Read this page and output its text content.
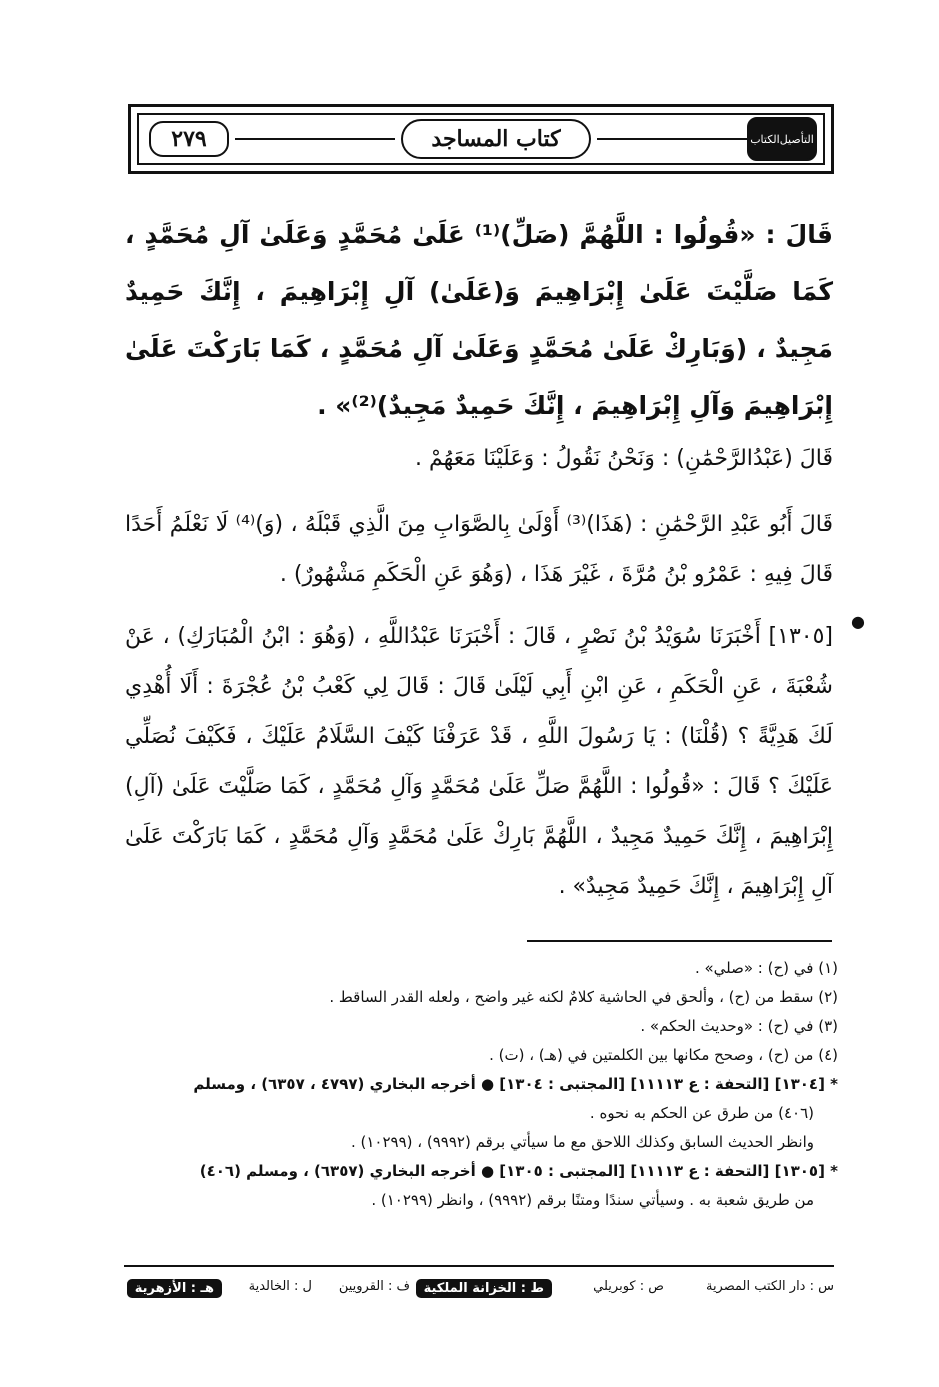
٢٧٩	كتاب المساجد	الكتاب التأصيل

قَالَ : «قُولُوا : اللَّهُمَّ (صَلِّ)⁽¹⁾ عَلَىٰ مُحَمَّدٍ وَعَلَىٰ آلِ مُحَمَّدٍ ، كَمَا صَلَّيْتَ عَلَىٰ إِبْرَاهِيمَ وَ(عَلَىٰ) آلِ إِبْرَاهِيمَ ، إِنَّكَ حَمِيدٌ مَجِيدٌ ، (وَبَارِكْ عَلَىٰ مُحَمَّدٍ وَعَلَىٰ آلِ مُحَمَّدٍ ، كَمَا بَارَكْتَ عَلَىٰ إِبْرَاهِيمَ وَآلِ إِبْرَاهِيمَ ، إِنَّكَ حَمِيدٌ مَجِيدٌ)⁽²⁾» .

قَالَ (عَبْدُالرَّحْمَٰنِ) : وَنَحْنُ نَقُولُ : وَعَلَيْنَا مَعَهُمْ .

قَالَ أَبُو عَبْدِ الرَّحْمَٰنِ : (هَذَا)⁽³⁾ أَوْلَىٰ بِالصَّوَابِ مِنَ الَّذِي قَبْلَهُ ، (وَ)⁽⁴⁾ لَا نَعْلَمُ أَحَدًا قَالَ فِيهِ : عَمْرُو بْنُ مُرَّةَ ، غَيْرَ هَذَا ، (وَهُوَ عَنِ الْحَكَمِ مَشْهُورٌ) .

●

[١٣٠٥] أَخْبَرَنَا سُوَيْدُ بْنُ نَصْرٍ ، قَالَ : أَخْبَرَنَا عَبْدُاللَّهِ ، (وَهُوَ : ابْنُ الْمُبَارَكِ) ، عَنْ شُعْبَةَ ، عَنِ الْحَكَمِ ، عَنِ ابْنِ أَبِي لَيْلَىٰ قَالَ : قَالَ لِي كَعْبُ بْنُ عُجْرَةَ : أَلَا أُهْدِي لَكَ هَدِيَّةً ؟ (قُلْنَا) : يَا رَسُولَ اللَّهِ ، قَدْ عَرَفْنَا كَيْفَ السَّلَامُ عَلَيْكَ ، فَكَيْفَ نُصَلِّي عَلَيْكَ ؟ قَالَ : «قُولُوا : اللَّهُمَّ صَلِّ عَلَىٰ مُحَمَّدٍ وَآلِ مُحَمَّدٍ ، كَمَا صَلَّيْتَ عَلَىٰ (آلِ) إِبْرَاهِيمَ ، إِنَّكَ حَمِيدٌ مَجِيدٌ ، اللَّهُمَّ بَارِكْ عَلَىٰ مُحَمَّدٍ وَآلِ مُحَمَّدٍ ، كَمَا بَارَكْتَ عَلَىٰ آلِ إِبْرَاهِيمَ ، إِنَّكَ حَمِيدٌ مَجِيدٌ» .

(١) في (ح) : «صلي» .

(٢) سقط من (ح) ، وألحق في الحاشية كلامٌ لكنه غير واضح ، ولعله القدر الساقط .

(٣) في (ح) : «وحديث الحكم» .

(٤) من (ح) ، وصحح مكانها بين الكلمتين في (هـ) ، (ت) .

* [١٣٠٤] [التحفة : ع ١١١١٣] [المجتبى : ١٣٠٤] ● أخرجه البخاري (٤٧٩٧ ، ٦٣٥٧) ، ومسلم

(٤٠٦) من طرق عن الحكم به نحوه .

وانظر الحديث السابق وكذلك اللاحق مع ما سيأتي برقم (٩٩٩٢) ، (١٠٢٩٩) .

* [١٣٠٥] [التحفة : ع ١١١١٣] [المجتبى : ١٣٠٥] ● أخرجه البخاري (٦٣٥٧) ، ومسلم (٤٠٦)

من طريق شعبة به . وسيأتي سندًا ومتنًا برقم (٩٩٩٢) ، وانظر (١٠٢٩٩) .

س : دار الكتب المصرية
ص : كوبريلي
ط : الخزانة الملكية
ف : القرويين
ل : الخالدية
هـ : الأزهرية
